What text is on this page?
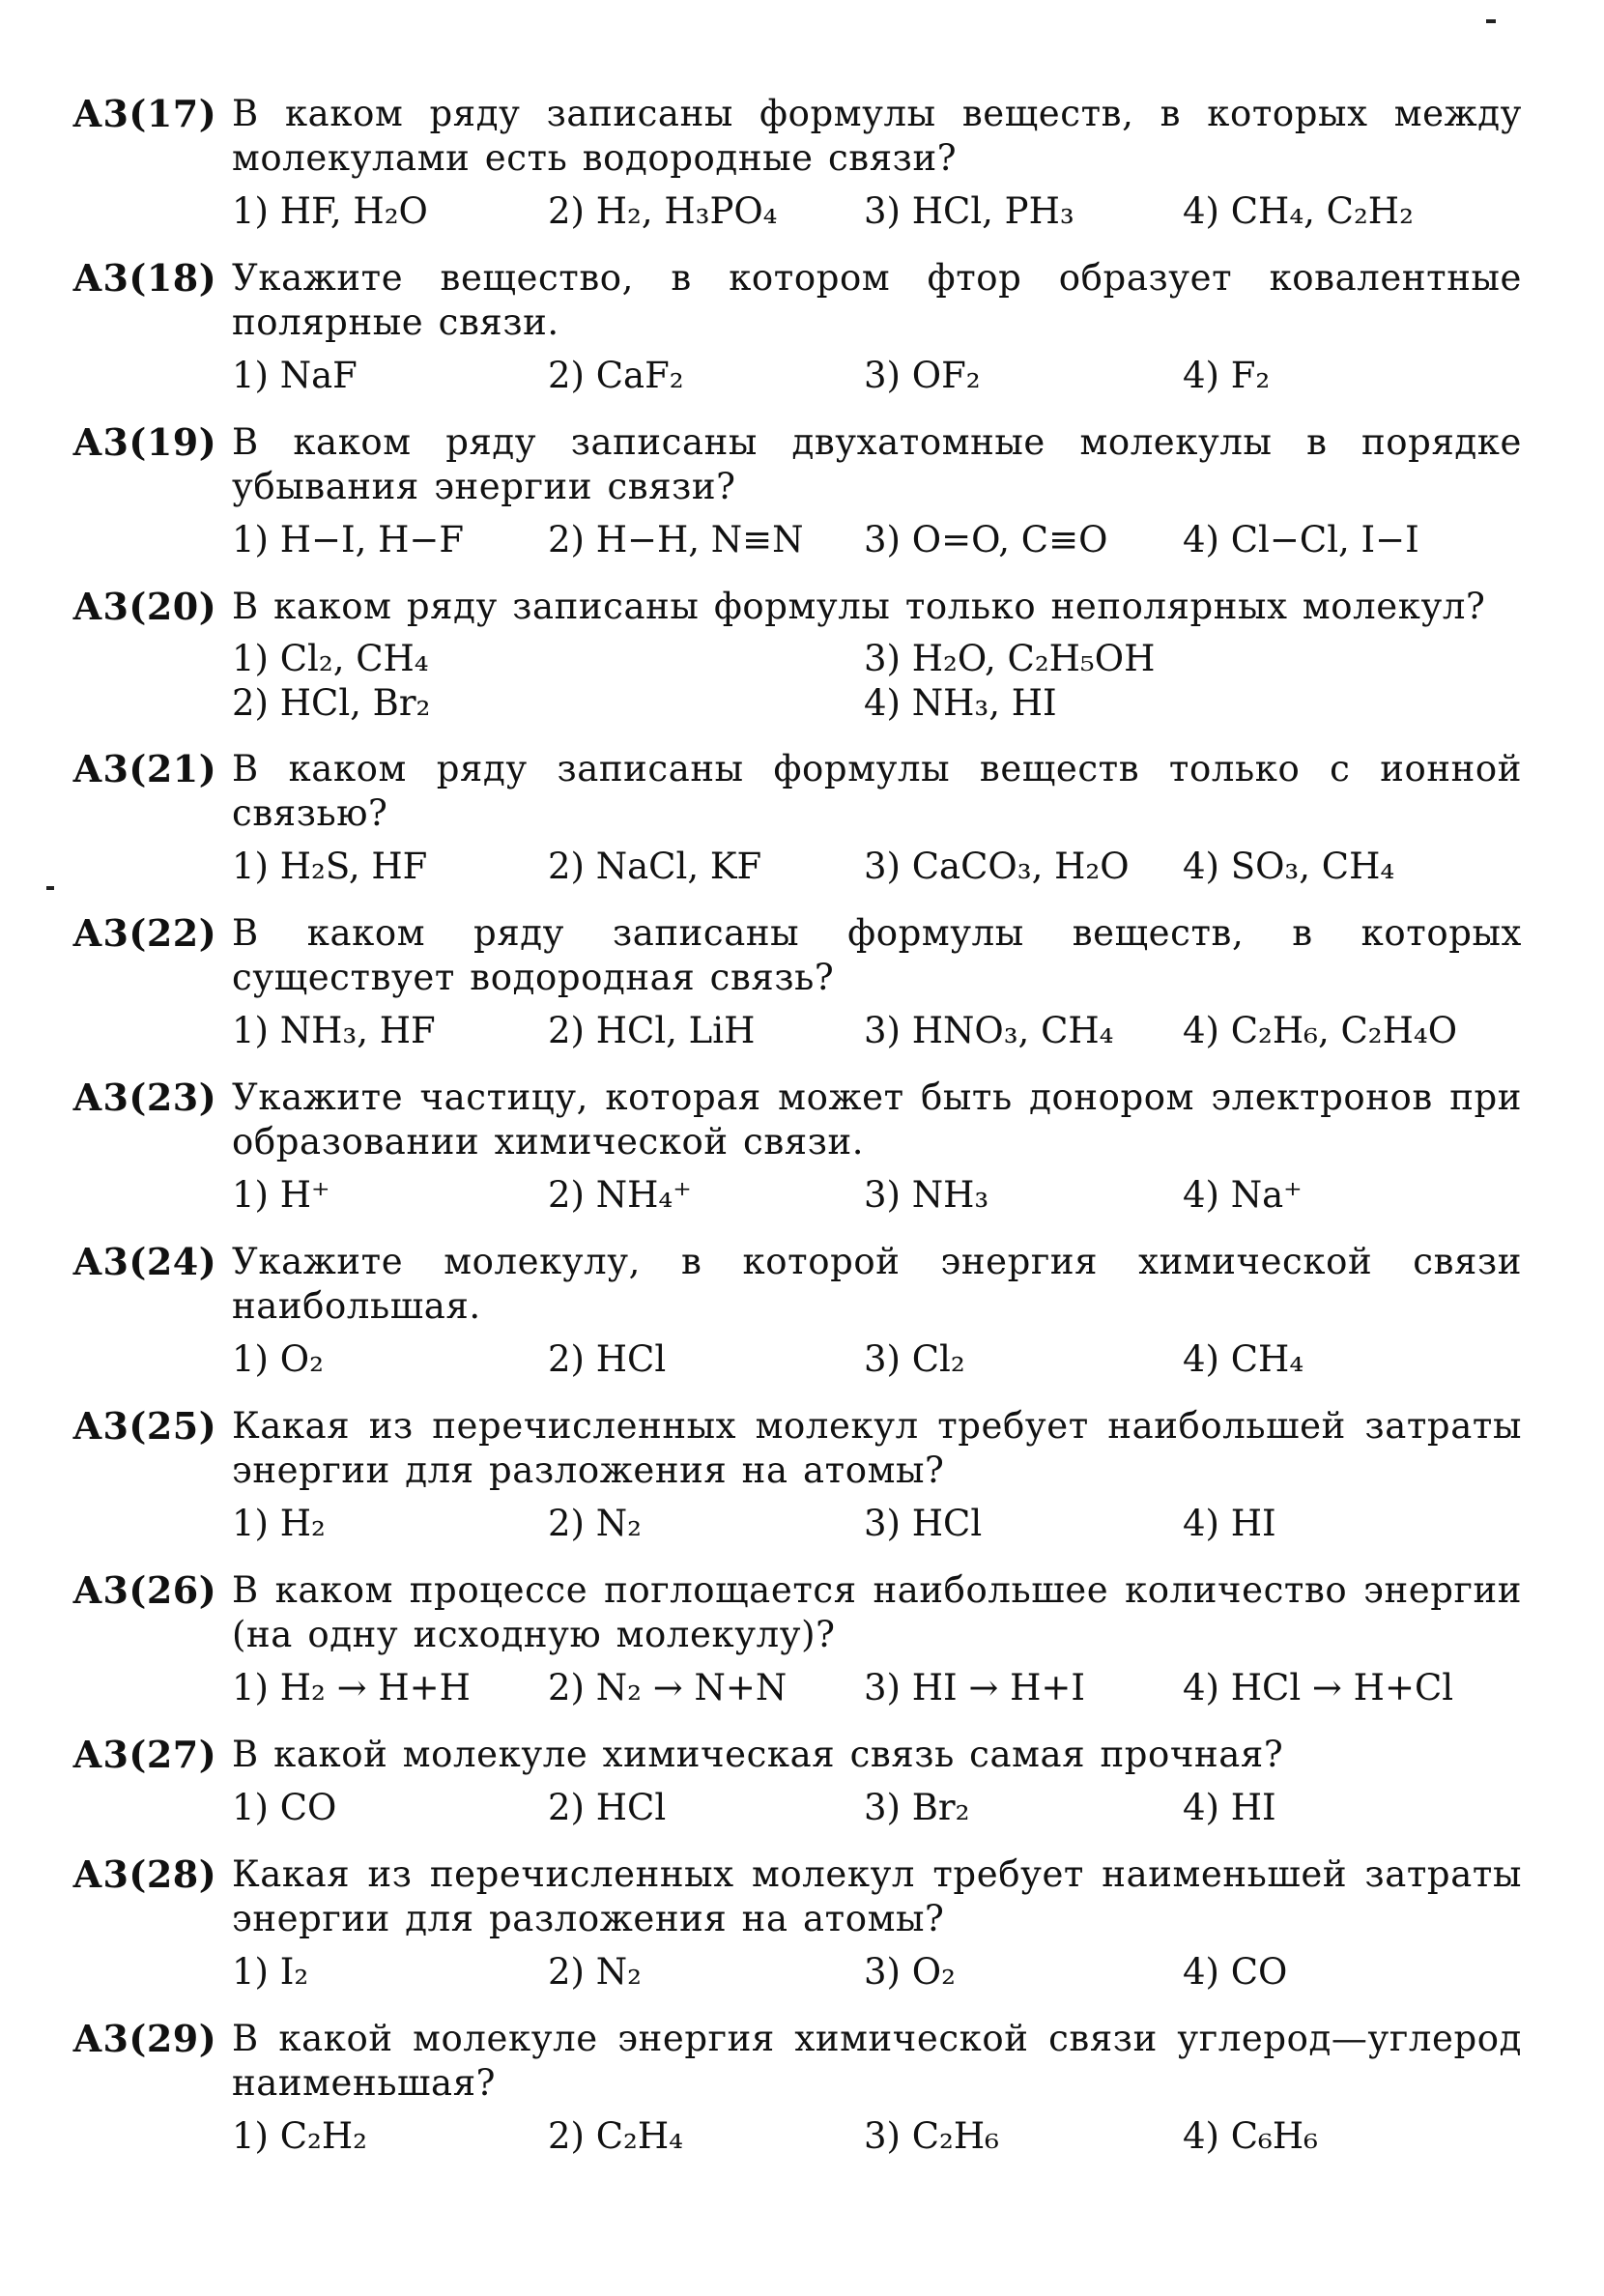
А3(17) В каком ряду записаны формулы веществ, в которых между молекулами есть водородные связи?
1) HF, H₂O	2) H₂, H₃PO₄	3) HCl, PH₃	4) CH₄, C₂H₂
А3(18) Укажите вещество, в котором фтор образует ковалентные полярные связи.
1) NaF	2) CaF₂	3) OF₂	4) F₂
А3(19) В каком ряду записаны двухатомные молекулы в порядке убывания энергии связи?
1) H−I, H−F	2) H−H, N≡N	3) O=O, C≡O	4) Cl−Cl, I−I
А3(20) В каком ряду записаны формулы только неполярных молекул?
1) Cl₂, CH₄	3) H₂O, C₂H₅OH
2) HCl, Br₂	4) NH₃, HI
А3(21) В каком ряду записаны формулы веществ только с ионной связью?
1) H₂S, HF	2) NaCl, KF	3) CaCO₃, H₂O	4) SO₃, CH₄
А3(22) В каком ряду записаны формулы веществ, в которых существует водородная связь?
1) NH₃, HF	2) HCl, LiH	3) HNO₃, CH₄	4) C₂H₆, C₂H₄O
А3(23) Укажите частицу, которая может быть донором электронов при образовании химической связи.
1) H⁺	2) NH₄⁺	3) NH₃	4) Na⁺
А3(24) Укажите молекулу, в которой энергия химической связи наибольшая.
1) O₂	2) HCl	3) Cl₂	4) CH₄
А3(25) Какая из перечисленных молекул требует наибольшей затраты энергии для разложения на атомы?
1) H₂	2) N₂	3) HCl	4) HI
А3(26) В каком процессе поглощается наибольшее количество энергии (на одну исходную молекулу)?
1) H₂ → H+H	2) N₂ → N+N	3) HI → H+I	4) HCl → H+Cl
А3(27) В какой молекуле химическая связь самая прочная?
1) CO	2) HCl	3) Br₂	4) HI
А3(28) Какая из перечисленных молекул требует наименьшей затраты энергии для разложения на атомы?
1) I₂	2) N₂	3) O₂	4) CO
А3(29) В какой молекуле энергия химической связи углерод—углерод наименьшая?
1) C₂H₂	2) C₂H₄	3) C₂H₆	4) C₆H₆
